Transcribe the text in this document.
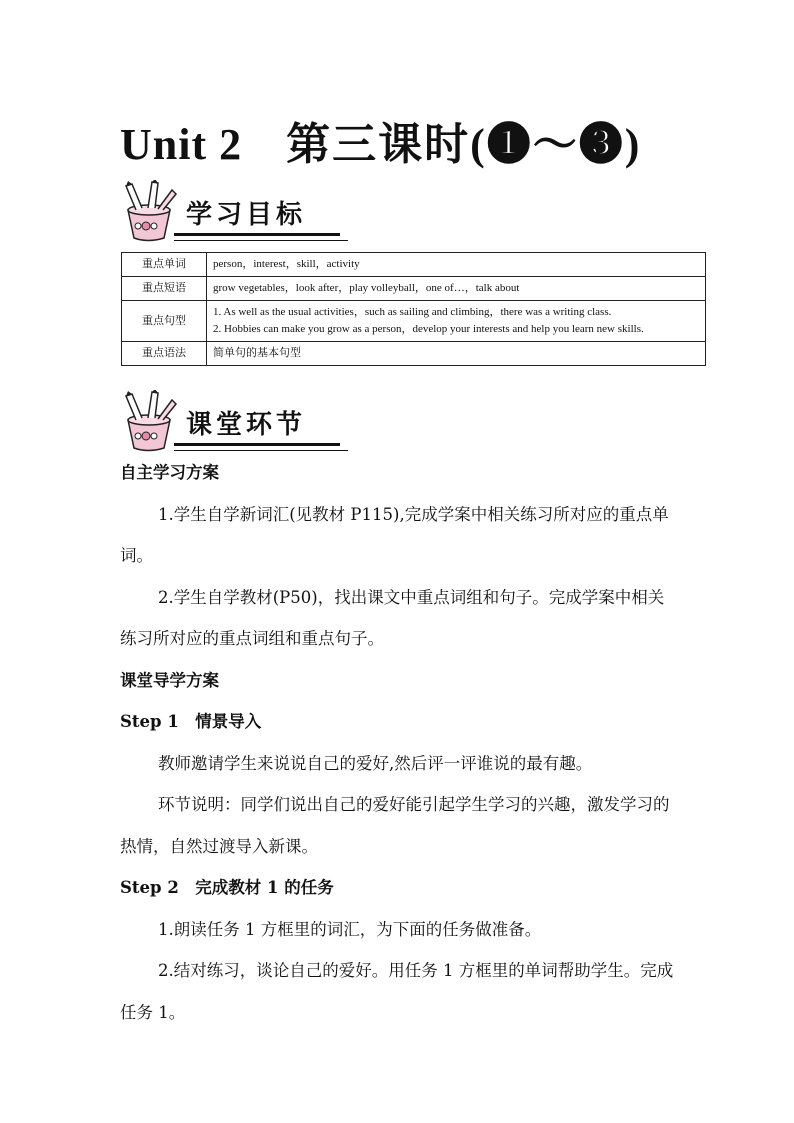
Unit 2 第三课时(❶～❸)
学习目标
重点单词	person，interest，skill，activity
重点短语	grow vegetables，look after，play volleyball，one of…，talk about
重点句型	1. As well as the usual activities，such as sailing and climbing，there was a writing class.

2. Hobbies can make you grow as a person，develop your interests and help you learn new skills.

重点语法	简单句的基本句型
课堂环节

自主学习方案

1.学生自学新词汇(见教材 P115),完成学案中相关练习所对应的重点单词。

2.学生自学教材(P50)，找出课文中重点词组和句子。完成学案中相关练习所对应的重点词组和重点句子。

课堂导学方案

Step 1　情景导入

教师邀请学生来说说自己的爱好,然后评一评谁说的最有趣。

环节说明：同学们说出自己的爱好能引起学生学习的兴趣，激发学习的热情，自然过渡导入新课。

Step 2　完成教材 1 的任务

1.朗读任务 1 方框里的词汇，为下面的任务做准备。

2.结对练习，谈论自己的爱好。用任务 1 方框里的单词帮助学生。完成任务 1。
